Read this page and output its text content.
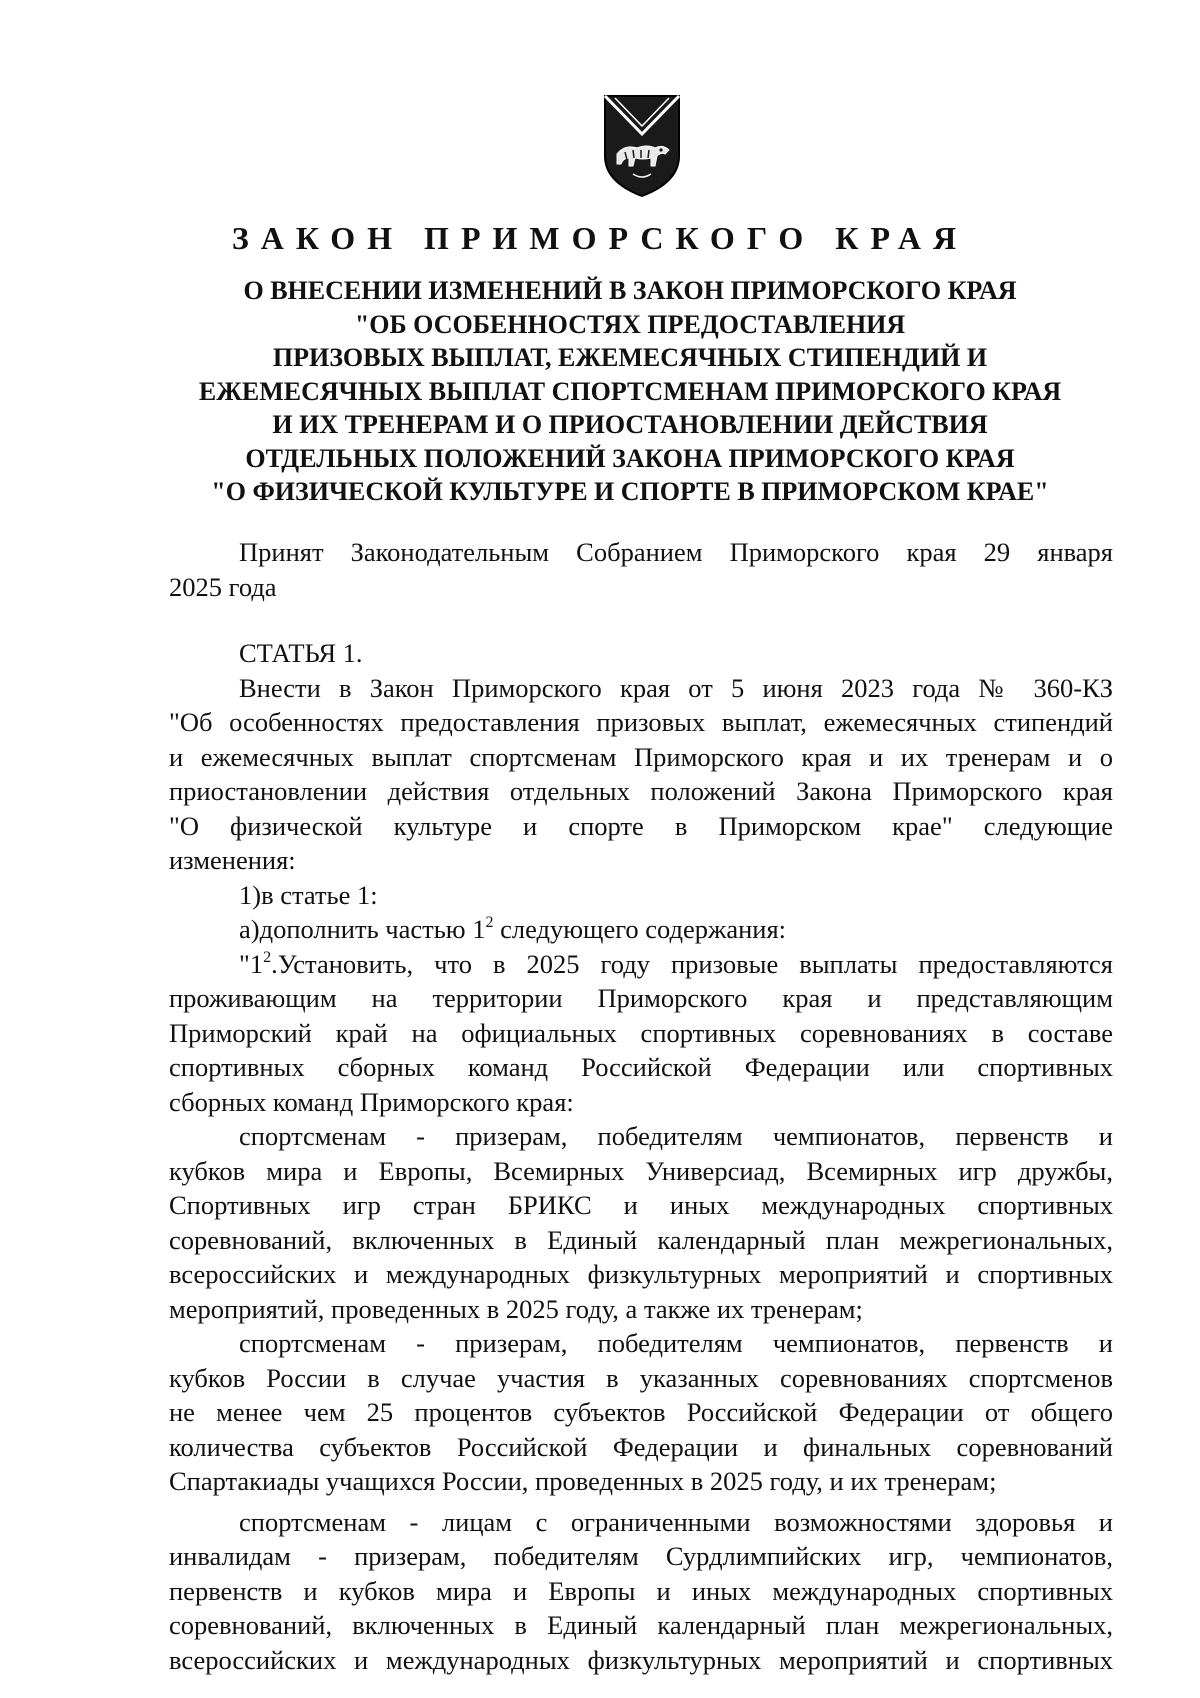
ЗАКОН ПРИМОРСКОГО КРАЯ
О ВНЕСЕНИИ ИЗМЕНЕНИЙ В ЗАКОН ПРИМОРСКОГО КРАЯ
"ОБ ОСОБЕННОСТЯХ ПРЕДОСТАВЛЕНИЯ
ПРИЗОВЫХ ВЫПЛАТ, ЕЖЕМЕСЯЧНЫХ СТИПЕНДИЙ И
ЕЖЕМЕСЯЧНЫХ ВЫПЛАТ СПОРТСМЕНАМ ПРИМОРСКОГО КРАЯ
И ИХ ТРЕНЕРАМ И О ПРИОСТАНОВЛЕНИИ ДЕЙСТВИЯ
ОТДЕЛЬНЫХ ПОЛОЖЕНИЙ ЗАКОНА ПРИМОРСКОГО КРАЯ
"О ФИЗИЧЕСКОЙ КУЛЬТУРЕ И СПОРТЕ В ПРИМОРСКОМ КРАЕ"
Принят Законодательным Собранием Приморского края 29 января
2025 года
СТАТЬЯ 1.
Внести в Закон Приморского края от 5 июня 2023 года № 360-КЗ
"Об особенностях предоставления призовых выплат, ежемесячных стипендий
и ежемесячных выплат спортсменам Приморского края и их тренерам и о
приостановлении действия отдельных положений Закона Приморского края
"О физической культуре и спорте в Приморском крае" следующие
изменения:
1)в статье 1:
а)дополнить частью $1^2$ следующего содержания:
"$1^2.Установить$, что в 2025 году призовые выплаты предоставляются
проживающим на территории Приморского края и представляющим
Приморский край на официальных спортивных соревнованиях в составе
спортивных сборных команд Российской Федерации или спортивных
сборных команд Приморского края:
спортсменам - призерам, победителям чемпионатов, первенств и
кубков мира и Европы, Всемирных Универсиад, Всемирных игр дружбы,
Спортивных игр стран БРИКС и иных международных спортивных
соревнований, включенных в Единый календарный план межрегиональных,
всероссийских и международных физкультурных мероприятий и спортивных
мероприятий, проведенных в 2025 году, а также их тренерам;
спортсменам - призерам, победителям чемпионатов, первенств и
кубков России в случае участия в указанных соревнованиях спортсменов
не менее чем 25 процентов субъектов Российской Федерации от общего
количества субъектов Российской Федерации и финальных соревнований
Спартакиады учащихся России, проведенных в 2025 году, и их тренерам;
спортсменам - лицам с ограниченными возможностями здоровья и
инвалидам - призерам, победителям Сурдлимпийских игр, чемпионатов,
первенств и кубков мира и Европы и иных международных спортивных
соревнований, включенных в Единый календарный план межрегиональных,
всероссийских и международных физкультурных мероприятий и спортивных
